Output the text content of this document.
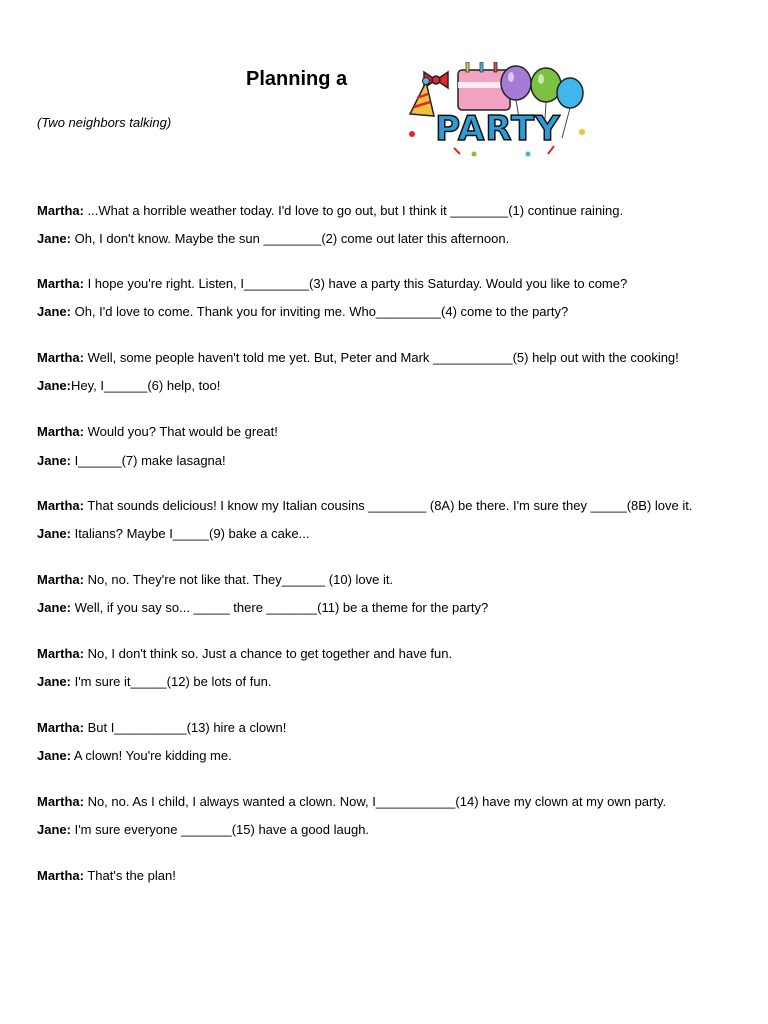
Planning a

(Two neighbors talking)	PARTY

Martha: ...What a horrible weather today. I'd love to go out, but I think it ________(1) continue raining.

Jane: Oh, I don't know. Maybe the sun ________(2) come out later this afternoon.

Martha: I hope you're right. Listen, I_________(3) have a party this Saturday. Would you like to come?

Jane: Oh, I'd love to come. Thank you for inviting me. Who_________(4) come to the party?

Martha: Well, some people haven't told me yet. But, Peter and Mark ___________(5) help out with the cooking!

Jane:Hey, I______(6) help, too!

Martha: Would you? That would be great!

Jane: I______(7) make lasagna!

Martha: That sounds delicious! I know my Italian cousins ________ (8A) be there. I'm sure they _____(8B) love it.

Jane: Italians? Maybe I_____(9) bake a cake...

Martha: No, no. They're not like that. They______ (10) love it.

Jane: Well, if you say so... _____ there _______(11) be a theme for the party?

Martha: No, I don't think so. Just a chance to get together and have fun.

Jane: I'm sure it_____(12) be lots of fun.

Martha: But I__________(13) hire a clown!

Jane: A clown! You're kidding me.

Martha: No, no. As I child, I always wanted a clown. Now, I___________(14) have my clown at my own party.

Jane: I'm sure everyone _______(15) have a good laugh.

Martha: That's the plan!
